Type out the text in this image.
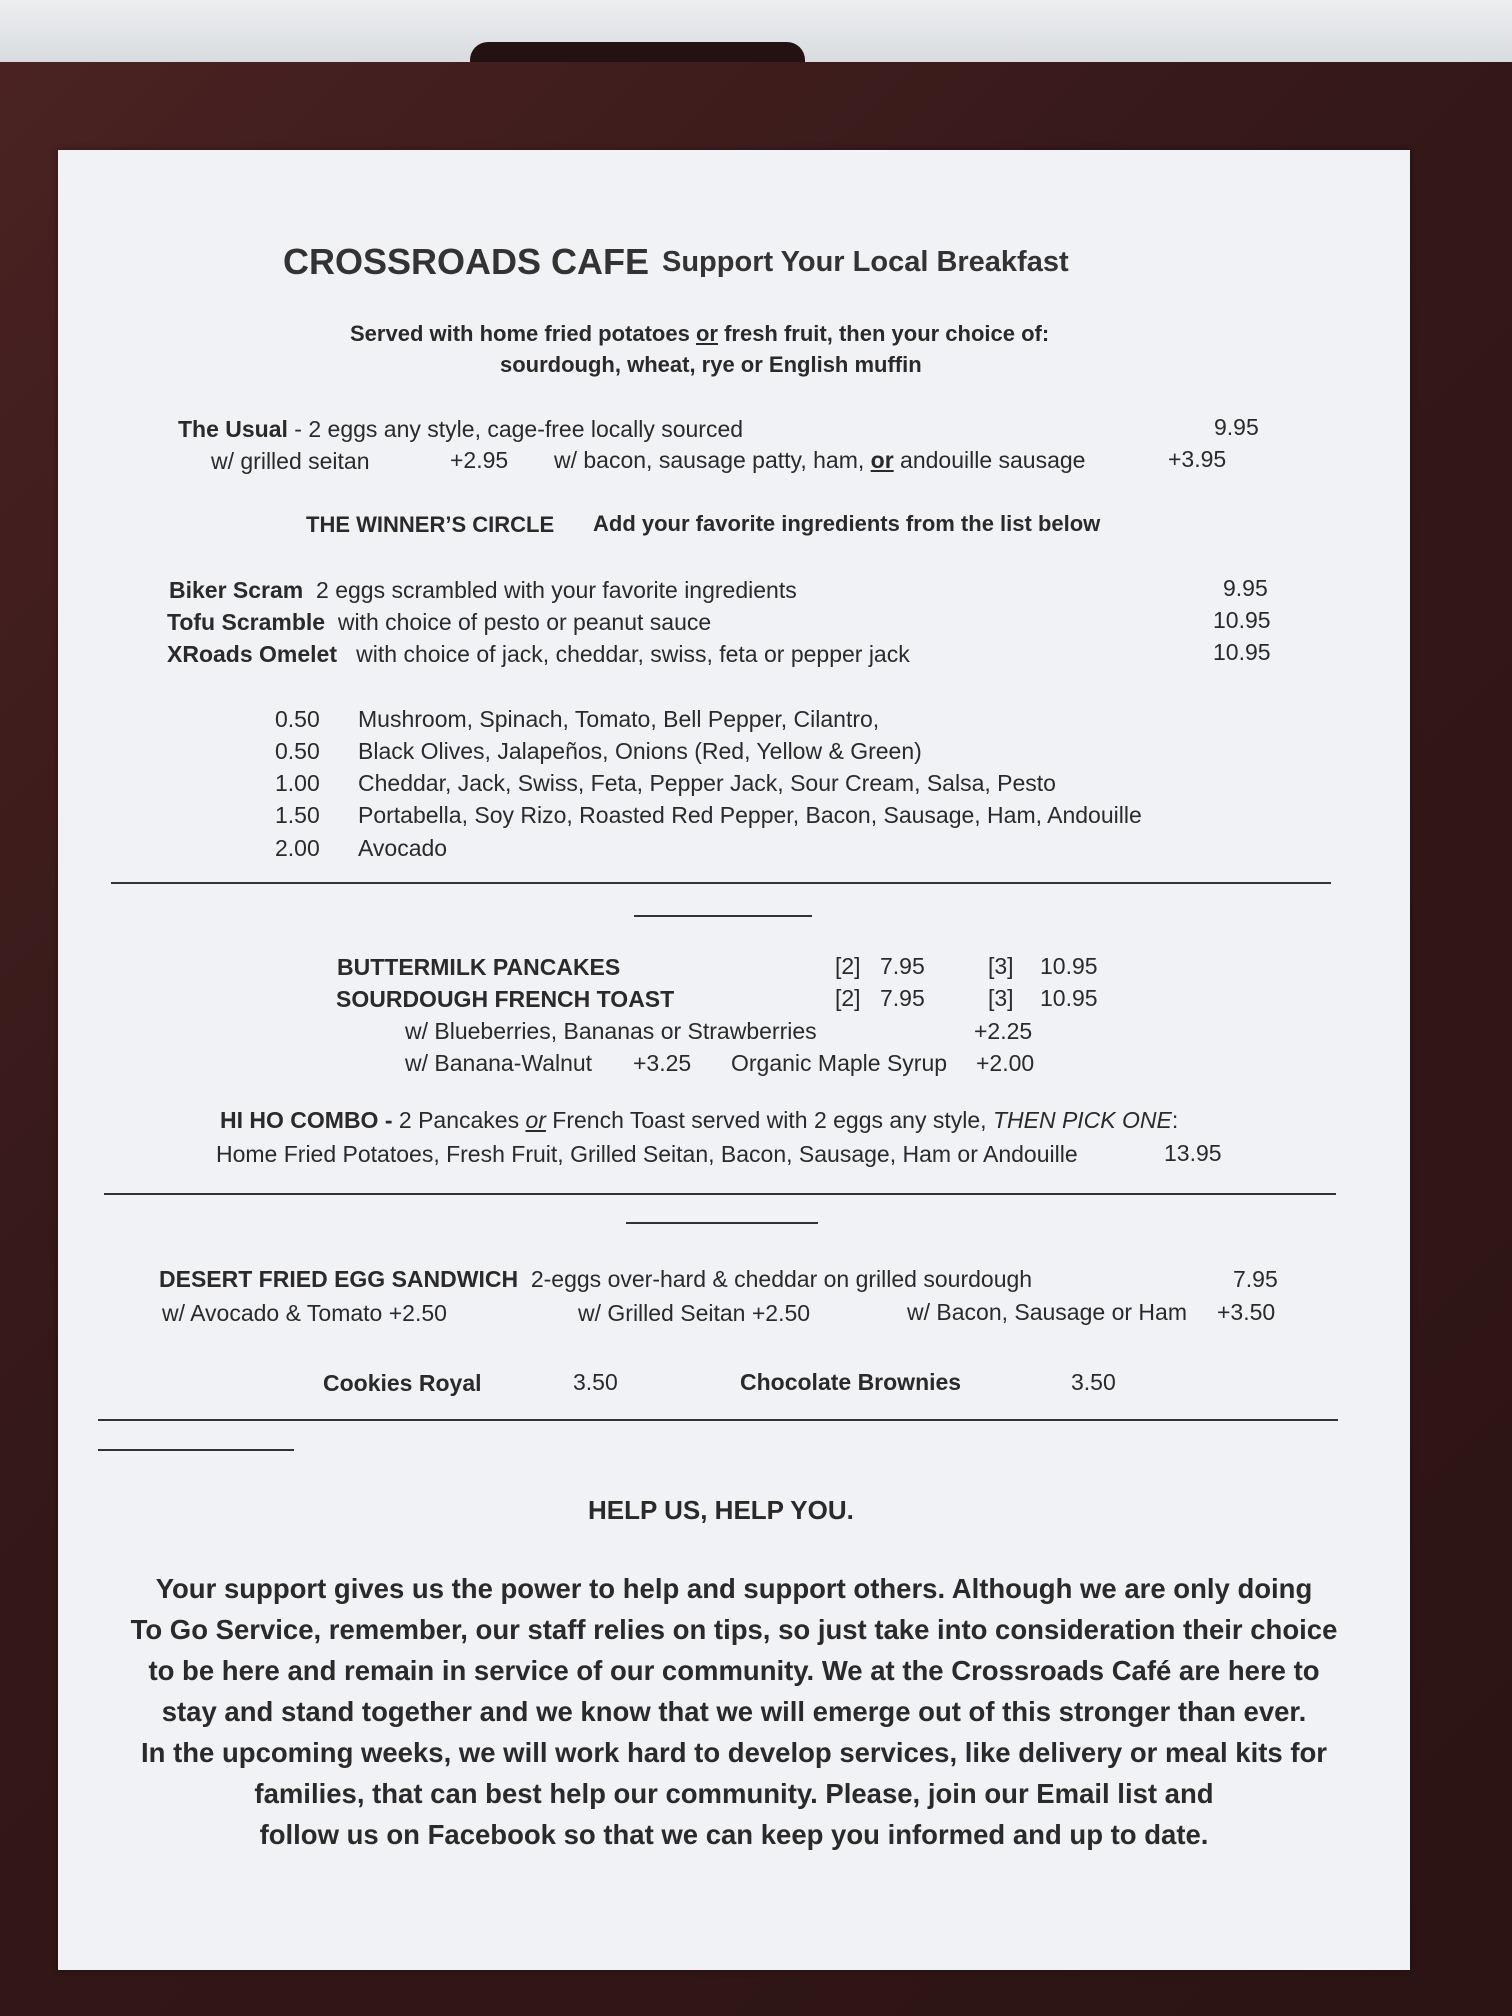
CROSSROADS CAFE Support Your Local Breakfast
Served with home fried potatoes or fresh fruit, then your choice of:
sourdough, wheat, rye or English muffin
The Usual - 2 eggs any style, cage-free locally sourced	9.95
w/ grilled seitan	+2.95 w/ bacon, sausage patty, ham, or andouille sausage	+3.95
THE WINNER’S CIRCLE Add your favorite ingredients from the list below
Biker Scram 2 eggs scrambled with your favorite ingredients	9.95
Tofu Scramble with choice of pesto or peanut sauce	10.95
XRoads Omelet with choice of jack, cheddar, swiss, feta or pepper jack	10.95
0.50 Mushroom, Spinach, Tomato, Bell Pepper, Cilantro,
0.50 Black Olives, Jalapeños, Onions (Red, Yellow & Green)
1.00 Cheddar, Jack, Swiss, Feta, Pepper Jack, Sour Cream, Salsa, Pesto
1.50 Portabella, Soy Rizo, Roasted Red Pepper, Bacon, Sausage, Ham, Andouille
2.00 Avocado
BUTTERMILK PANCAKES	[2] 7.95	[3] 10.95
SOURDOUGH FRENCH TOAST	[2] 7.95	[3] 10.95
w/ Blueberries, Bananas or Strawberries	+2.25
w/ Banana-Walnut +3.25 Organic Maple Syrup +2.00
HI HO COMBO - 2 Pancakes or French Toast served with 2 eggs any style, THEN PICK ONE:
Home Fried Potatoes, Fresh Fruit, Grilled Seitan, Bacon, Sausage, Ham or Andouille	13.95
DESERT FRIED EGG SANDWICH 2-eggs over-hard & cheddar on grilled sourdough	7.95
w/ Avocado & Tomato +2.50	w/ Grilled Seitan +2.50	w/ Bacon, Sausage or Ham +3.50
Cookies Royal	3.50	Chocolate Brownies	3.50
HELP US, HELP YOU.
Your support gives us the power to help and support others. Although we are only doing
To Go Service, remember, our staff relies on tips, so just take into consideration their choice
to be here and remain in service of our community. We at the Crossroads Café are here to
stay and stand together and we know that we will emerge out of this stronger than ever.
In the upcoming weeks, we will work hard to develop services, like delivery or meal kits for
families, that can best help our community. Please, join our Email list and
follow us on Facebook so that we can keep you informed and up to date.
